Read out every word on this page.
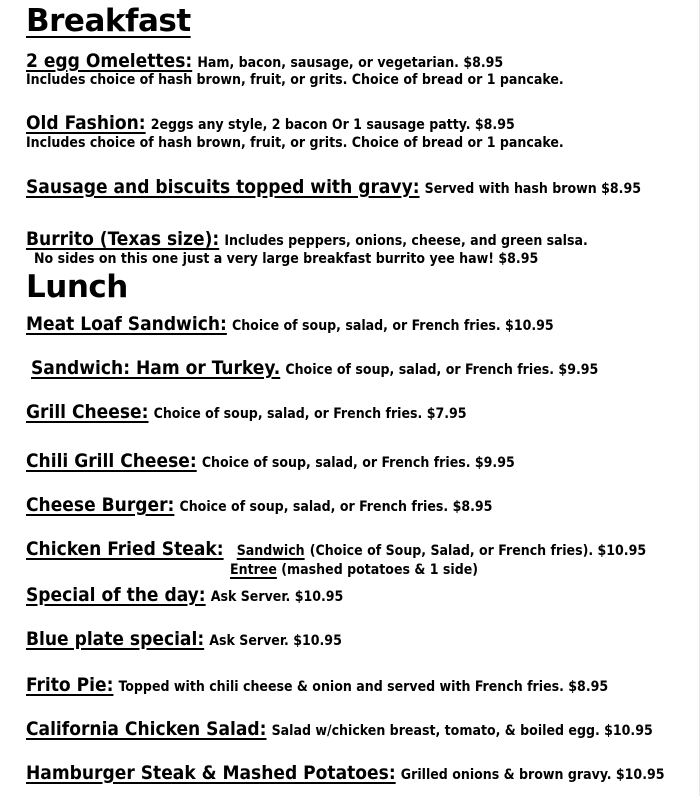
Breakfast
2 egg Omelettes: Ham, bacon, sausage, or vegetarian. $8.95
Includes choice of hash brown, fruit, or grits. Choice of bread or 1 pancake.
Old Fashion: 2eggs any style, 2 bacon Or 1 sausage patty. $8.95
Includes choice of hash brown, fruit, or grits. Choice of bread or 1 pancake.
Sausage and biscuits topped with gravy: Served with hash brown $8.95
Burrito (Texas size): Includes peppers, onions, cheese, and green salsa.
No sides on this one just a very large breakfast burrito yee haw! $8.95
Lunch
Meat Loaf Sandwich: Choice of soup, salad, or French fries. $10.95
Sandwich: Ham or Turkey. Choice of soup, salad, or French fries. $9.95
Grill Cheese: Choice of soup, salad, or French fries. $7.95
Chili Grill Cheese: Choice of soup, salad, or French fries. $9.95
Cheese Burger: Choice of soup, salad, or French fries. $8.95
Chicken Fried Steak: Sandwich (Choice of Soup, Salad, or French fries). $10.95
Entree (mashed potatoes & 1 side)
Special of the day: Ask Server. $10.95
Blue plate special: Ask Server. $10.95
Frito Pie: Topped with chili cheese & onion and served with French fries. $8.95
California Chicken Salad: Salad w/chicken breast, tomato, & boiled egg. $10.95
Hamburger Steak & Mashed Potatoes: Grilled onions & brown gravy. $10.95
